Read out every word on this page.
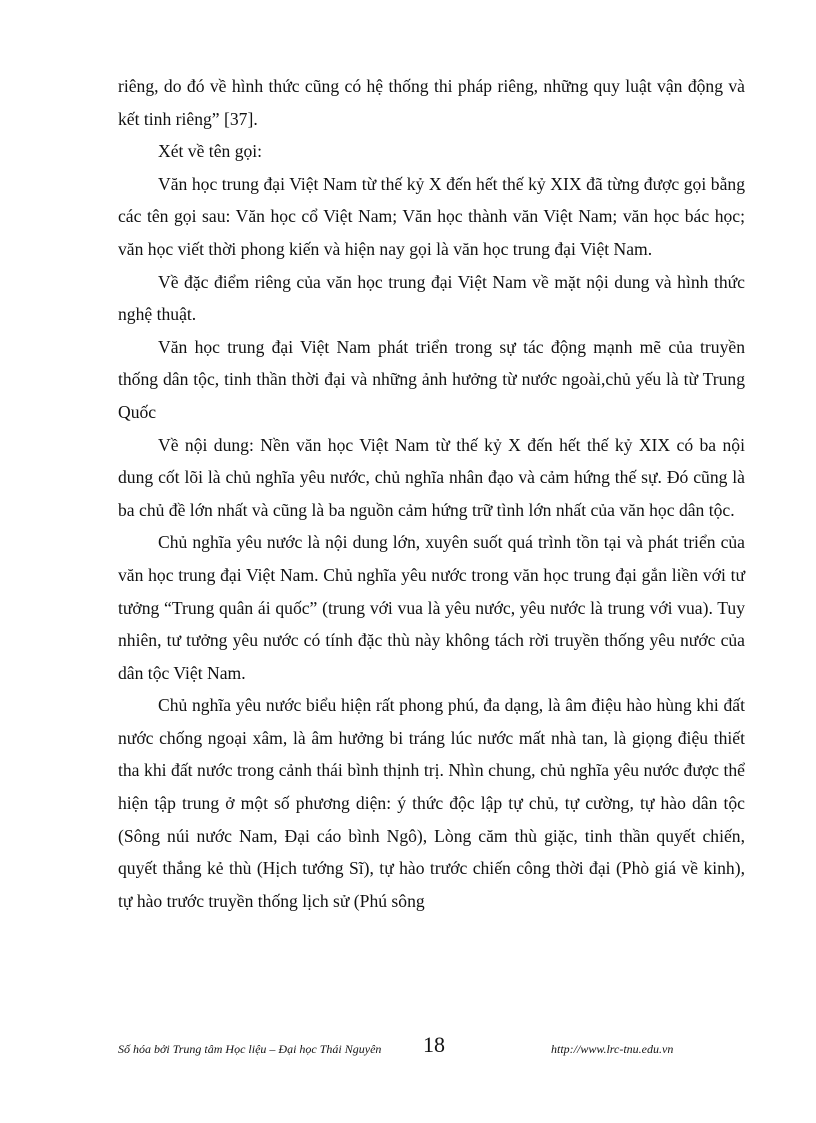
riêng, do đó về hình thức cũng có hệ thống thi pháp riêng, những quy luật vận động và kết tinh riêng” [37].

Xét về tên gọi:

Văn học trung đại Việt Nam từ thế kỷ X đến hết thế kỷ XIX đã từng được gọi bằng các tên gọi sau: Văn học cổ Việt Nam; Văn học thành văn Việt Nam; văn học bác học; văn học viết thời phong kiến và hiện nay gọi là văn học trung đại Việt Nam.

Về đặc điểm riêng của văn học trung đại Việt Nam về mặt nội dung và hình thức nghệ thuật.

Văn học trung đại Việt Nam phát triển trong sự tác động mạnh mẽ của truyền thống dân tộc, tinh thần thời đại và những ảnh hưởng từ nước ngoài,chủ yếu là từ Trung Quốc

Về nội dung: Nền văn học Việt Nam từ thế kỷ X đến hết thế kỷ XIX có ba nội dung cốt lõi là chủ nghĩa yêu nước, chủ nghĩa nhân đạo và cảm hứng thế sự. Đó cũng là ba chủ đề lớn nhất và cũng là ba nguồn cảm hứng trữ tình lớn nhất của văn học dân tộc.

Chủ nghĩa yêu nước là nội dung lớn, xuyên suốt quá trình tồn tại và phát triển của văn học trung đại Việt Nam. Chủ nghĩa yêu nước trong văn học trung đại gắn liền với tư tưởng “Trung quân ái quốc” (trung với vua là yêu nước, yêu nước là trung với vua). Tuy nhiên, tư tưởng yêu nước có tính đặc thù này không tách rời truyền thống yêu nước của dân tộc Việt Nam.

Chủ nghĩa yêu nước biểu hiện rất phong phú, đa dạng, là âm điệu hào hùng khi đất nước chống ngoại xâm, là âm hưởng bi tráng lúc nước mất nhà tan, là giọng điệu thiết tha khi đất nước trong cảnh thái bình thịnh trị. Nhìn chung, chủ nghĩa yêu nước được thể hiện tập trung ở một số phương diện: ý thức độc lập tự chủ, tự cường, tự hào dân tộc (Sông núi nước Nam, Đại cáo bình Ngô), Lòng căm thù giặc, tinh thần quyết chiến, quyết thắng kẻ thù (Hịch tướng Sĩ), tự hào trước chiến công thời đại (Phò giá về kinh), tự hào trước truyền thống lịch sử (Phú sông

Số hóa bởi Trung tâm Học liệu – Đại học Thái Nguyên 18	http://www.lrc-tnu.edu.vn
